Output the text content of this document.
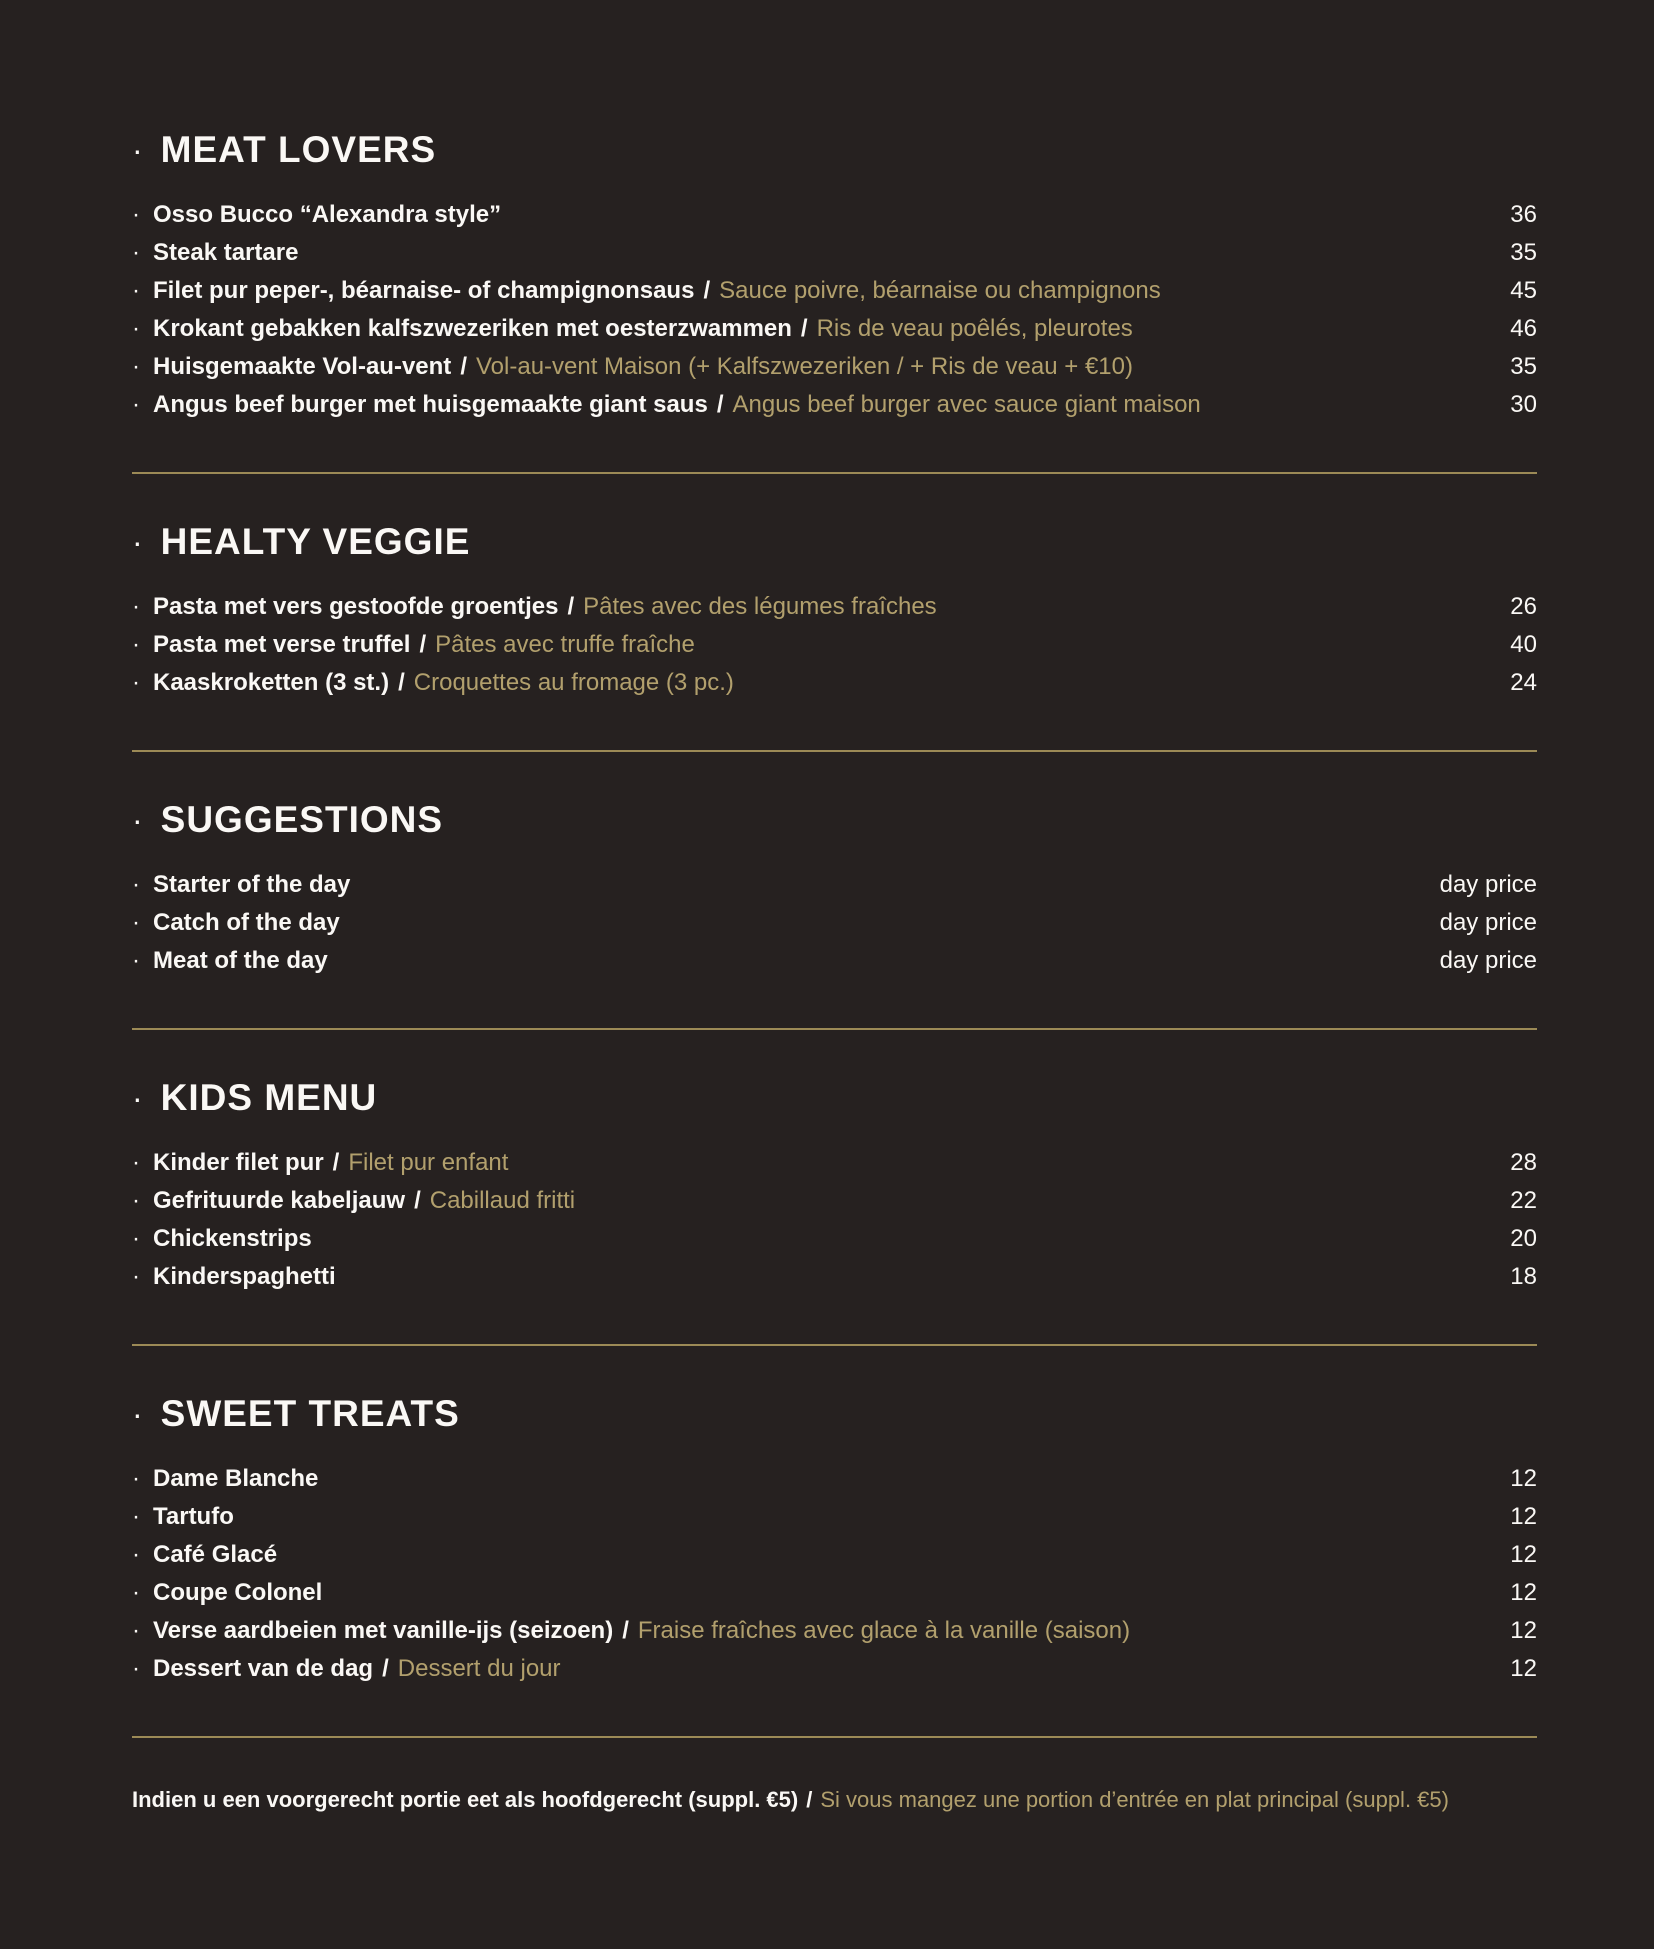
· MEAT LOVERS
· Osso Bucco “Alexandra style”	36
· Steak tartare	35
· Filet pur peper-, béarnaise- of champignonsaus / Sauce poivre, béarnaise ou champignons	45
· Krokant gebakken kalfszwezeriken met oesterzwammen / Ris de veau poêlés, pleurotes	46
· Huisgemaakte Vol-au-vent / Vol-au-vent Maison (+ Kalfszwezeriken / + Ris de veau + €10)	35
· Angus beef burger met huisgemaakte giant saus / Angus beef burger avec sauce giant maison	30
· HEALTY VEGGIE
· Pasta met vers gestoofde groentjes / Pâtes avec des légumes fraîches	26
· Pasta met verse truffel / Pâtes avec truffe fraîche	40
· Kaaskroketten (3 st.) / Croquettes au fromage (3 pc.)	24
· SUGGESTIONS
· Starter of the day	day price
· Catch of the day	day price
· Meat of the day	day price
· KIDS MENU
· Kinder filet pur / Filet pur enfant	28
· Gefrituurde kabeljauw / Cabillaud fritti	22
· Chickenstrips	20
· Kinderspaghetti	18
· SWEET TREATS
· Dame Blanche	12
· Tartufo	12
· Café Glacé	12
· Coupe Colonel	12
· Verse aardbeien met vanille-ijs (seizoen) / Fraise fraîches avec glace à la vanille (saison)	12
· Dessert van de dag / Dessert du jour	12
Indien u een voorgerecht portie eet als hoofdgerecht (suppl. €5) / Si vous mangez une portion d’entrée en plat principal (suppl. €5)
